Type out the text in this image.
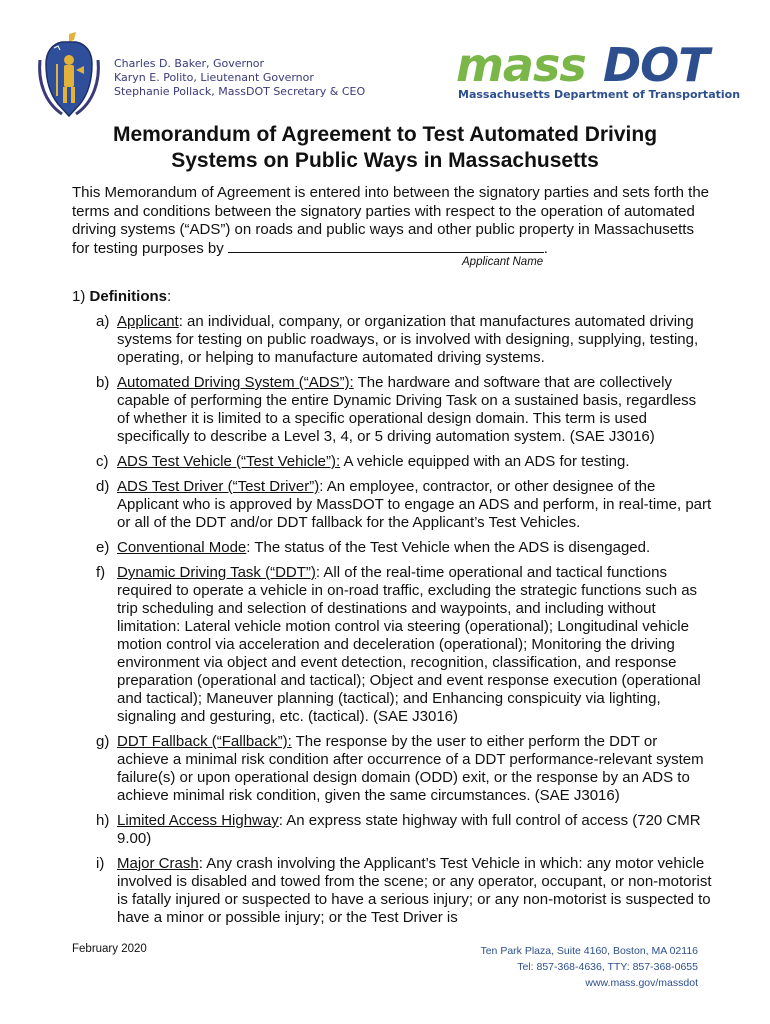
Charles D. Baker, Governor
Karyn E. Polito, Lieutenant Governor
Stephanie Pollack, MassDOT Secretary & CEO mass DOT
Massachusetts Department of Transportation
Memorandum of Agreement to Test Automated Driving
Systems on Public Ways in Massachusetts
This Memorandum of Agreement is entered into between the signatory parties and sets forth the terms and conditions between the signatory parties with respect to the operation of automated driving systems (“ADS”) on roads and public ways and other public property in Massachusetts for testing purposes by	.
Applicant Name
1) Definitions:
a) Applicant: an individual, company, or organization that manufactures automated driving systems for testing on public roadways, or is involved with designing, supplying, testing, operating, or helping to manufacture automated driving systems.
b) Automated Driving System (“ADS”): The hardware and software that are collectively capable of performing the entire Dynamic Driving Task on a sustained basis, regardless of whether it is limited to a specific operational design domain. This term is used specifically to describe a Level 3, 4, or 5 driving automation system. (SAE J3016)
c) ADS Test Vehicle (“Test Vehicle”): A vehicle equipped with an ADS for testing.
d) ADS Test Driver (“Test Driver”): An employee, contractor, or other designee of the Applicant who is approved by MassDOT to engage an ADS and perform, in real-time, part or all of the DDT and/or DDT fallback for the Applicant’s Test Vehicles.
e) Conventional Mode: The status of the Test Vehicle when the ADS is disengaged.
f) Dynamic Driving Task (“DDT”): All of the real-time operational and tactical functions required to operate a vehicle in on-road traffic, excluding the strategic functions such as trip scheduling and selection of destinations and waypoints, and including without limitation: Lateral vehicle motion control via steering (operational); Longitudinal vehicle motion control via acceleration and deceleration (operational); Monitoring the driving environment via object and event detection, recognition, classification, and response preparation (operational and tactical); Object and event response execution (operational and tactical); Maneuver planning (tactical); and Enhancing conspicuity via lighting, signaling and gesturing, etc. (tactical). (SAE J3016)
g) DDT Fallback (“Fallback”): The response by the user to either perform the DDT or achieve a minimal risk condition after occurrence of a DDT performance-relevant system failure(s) or upon operational design domain (ODD) exit, or the response by an ADS to achieve minimal risk condition, given the same circumstances. (SAE J3016)
h) Limited Access Highway: An express state highway with full control of access (720 CMR 9.00)
i) Major Crash: Any crash involving the Applicant’s Test Vehicle in which: any motor vehicle involved is disabled and towed from the scene; or any operator, occupant, or non-motorist is fatally injured or suspected to have a serious injury; or any non-motorist is suspected to have a minor or possible injury; or the Test Driver is
February 2020	Ten Park Plaza, Suite 4160, Boston, MA 02116
Tel: 857-368-4636, TTY: 857-368-0655
www.mass.gov/massdot
